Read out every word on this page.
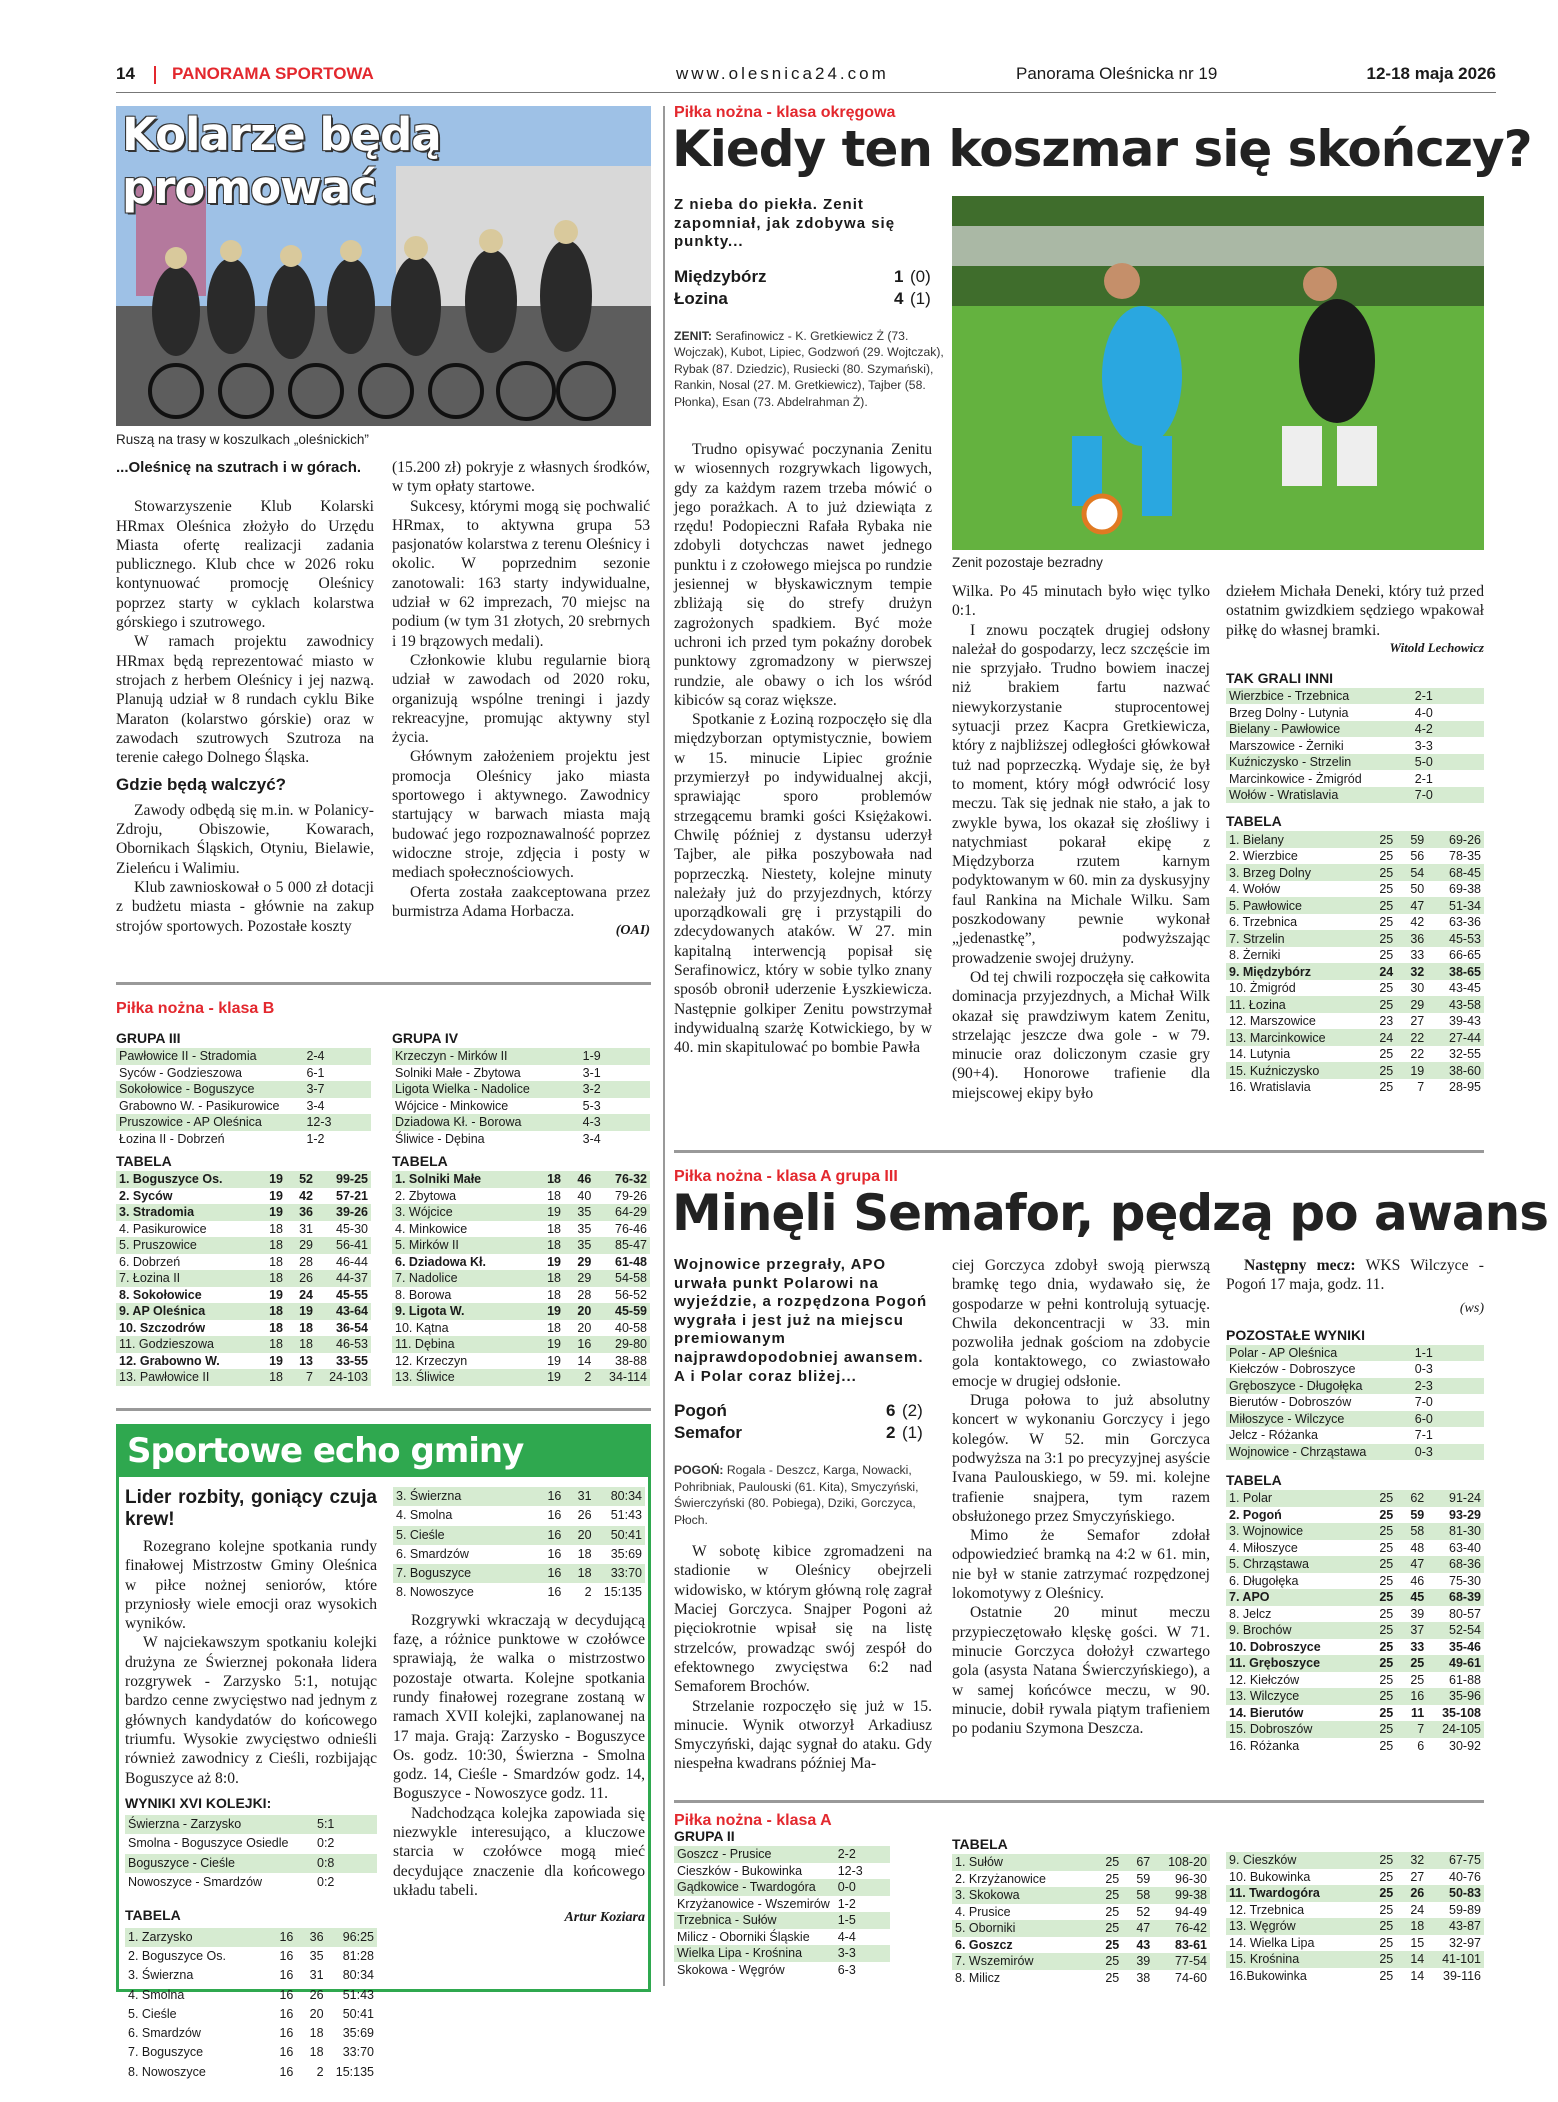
14 PANORAMA SPORTOWA	www.olesnica24.com	Panorama Oleśnicka nr 19	12-18 maja 2026
Kolarze będą promować
Ruszą na trasy w koszulkach „oleśnickich”
...Oleśnicę na szutrach i w górach.

Stowarzyszenie Klub Kolarski HRmax Oleśnica złożyło do Urzędu Miasta ofertę realizacji zadania publicznego. Klub chce w 2026 roku kontynuować promocję Oleśnicy poprzez starty w cyklach kolarstwa górskiego i szutrowego.

W ramach projektu zawodnicy HRmax będą reprezentować miasto w strojach z herbem Oleśnicy i jej nazwą. Planują udział w 8 rundach cyklu Bike Maraton (kolarstwo górskie) oraz w zawodach szutrowych Szutroza na terenie całego Dolnego Śląska.

Gdzie będą walczyć?

Zawody odbędą się m.in. w Polanicy-Zdroju, Obiszowie, Kowarach, Obornikach Śląskich, Otyniu, Bielawie, Zieleńcu i Walimiu.

Klub zawnioskował o 5 000 zł dotacji z budżetu miasta - głównie na zakup strojów sportowych. Pozostałe koszty

(15.200 zł) pokryje z własnych środków, w tym opłaty startowe.

Sukcesy, którymi mogą się pochwalić HRmax, to aktywna grupa 53 pasjonatów kolarstwa z terenu Oleśnicy i okolic. W poprzednim sezonie zanotowali: 163 starty indywidualne, udział w 62 imprezach, 70 miejsc na podium (w tym 31 złotych, 20 srebrnych i 19 brązowych medali).

Członkowie klubu regularnie biorą udział w zawodach od 2020 roku, organizują wspólne treningi i jazdy rekreacyjne, promując aktywny styl życia.

Głównym założeniem projektu jest promocja Oleśnicy jako miasta sportowego i aktywnego. Zawodnicy startujący w barwach miasta mają budować jego rozpoznawalność poprzez widoczne stroje, zdjęcia i posty w mediach społecznościowych.

Oferta została zaakceptowana przez burmistrza Adama Horbacza.

(OAI)
Piłka nożna - klasa B
GRUPA III
Pawłowice II - Stradomia	2-4
Syców - Godzieszowa	6-1
Sokołowice - Boguszyce	3-7
Grabowno W. - Pasikurowice	3-4
Pruszowice - AP Oleśnica	12-3
Łozina II - Dobrzeń	1-2
TABELA
1. Boguszyce Os.	19	52	99-25
2. Syców	19	42	57-21
3. Stradomia	19	36	39-26
4. Pasikurowice	18	31	45-30
5. Pruszowice	18	29	56-41
6. Dobrzeń	18	28	46-44
7. Łozina II	18	26	44-37
8. Sokołowice	19	24	45-55
9. AP Oleśnica	18	19	43-64
10. Szczodrów	18	18	36-54
11. Godzieszowa	18	18	46-53
12. Grabowno W.	19	13	33-55
13. Pawłowice II	18	7	24-103
GRUPA IV
Krzeczyn - Mirków II	1-9
Solniki Małe - Zbytowa	3-1
Ligota Wielka - Nadolice	3-2
Wójcice - Minkowice	5-3
Dziadowa Kł. - Borowa	4-3
Śliwice - Dębina	3-4
TABELA
1. Solniki Małe	18	46	76-32
2. Zbytowa	18	40	79-26
3. Wójcice	19	35	64-29
4. Minkowice	18	35	76-46
5. Mirków II	18	35	85-47
6. Dziadowa Kł.	19	29	61-48
7. Nadolice	18	29	54-58
8. Borowa	18	28	56-52
9. Ligota W.	19	20	45-59
10. Kątna	18	20	40-58
11. Dębina	19	16	29-80
12. Krzeczyn	19	14	38-88
13. Śliwice	19	2	34-114
Sportowe echo gminy
Lider rozbity, goniący czuja krew!

Rozegrano kolejne spotkania rundy finałowej Mistrzostw Gminy Oleśnica w piłce nożnej seniorów, które przyniosły wiele emocji oraz wysokich wyników.

W najciekawszym spotkaniu kolejki drużyna ze Świerznej pokonała lidera rozgrywek - Zarzysko 5:1, notując bardzo cenne zwycięstwo nad jednym z głównych kandydatów do końcowego triumfu. Wysokie zwycięstwo odnieśli również zawodnicy z Cieśli, rozbijając Boguszyce aż 8:0.

WYNIKI XVI KOLEJKI:
Świerzna - Zarzysko	5:1
Smolna - Boguszyce Osiedle	0:2
Boguszyce - Cieśle	0:8
Nowoszyce - Smardzów	0:2
TABELA
1. Zarzysko	16	36	96:25
2. Boguszyce Os.	16	35	81:28
3. Świerzna	16	31	80:34
4. Smolna	16	26	51:43
5. Cieśle	16	20	50:41
6. Smardzów	16	18	35:69
7. Boguszyce	16	18	33:70
8. Nowoszyce	16	2	15:135
3. Świerzna	16	31	80:34
4. Smolna	16	26	51:43
5. Cieśle	16	20	50:41
6. Smardzów	16	18	35:69
7. Boguszyce	16	18	33:70
8. Nowoszyce	16	2	15:135

Rozgrywki wkraczają w decydującą fazę, a różnice punktowe w czołówce sprawiają, że walka o mistrzostwo pozostaje otwarta. Kolejne spotkania rundy finałowej rozegrane zostaną w ramach XVII kolejki, zaplanowanej na 17 maja. Grają: Zarzysko - Boguszyce Os. godz. 10:30, Świerzna - Smolna godz. 14, Cieśle - Smardzów godz. 14, Boguszyce - Nowoszyce godz. 11.

Nadchodząca kolejka zapowiada się niezwykle interesująco, a kluczowe starcia w czołówce mogą mieć decydujące znaczenie dla końcowego układu tabeli.

Artur Koziara
Piłka nożna - klasa okręgowa
Kiedy ten koszmar się skończy?
Z nieba do piekła. Zenit zapomniał, jak zdobywa się punkty...
Międzybórz	1 (0)
Łozina	4 (1)
ZENIT: Serafinowicz - K. Gretkiewicz Ż (73. Wojczak), Kubot, Lipiec, Godzwoń (29. Wojtczak), Rybak (87. Dziedzic), Rusiecki (80. Szymański), Rankin, Nosal (27. M. Gretkiewicz), Tajber (58. Płonka), Esan (73. Abdelrahman Ż).
Zenit pozostaje bezradny

Trudno opisywać poczynania Zenitu w wiosennych rozgrywkach ligowych, gdy za każdym razem trzeba mówić o jego porażkach. A to już dziewiąta z rzędu! Podopieczni Rafała Rybaka nie zdobyli dotychczas nawet jednego punktu i z czołowego miejsca po rundzie jesiennej w błyskawicznym tempie zbliżają się do strefy drużyn zagrożonych spadkiem. Być może uchroni ich przed tym pokaźny dorobek punktowy zgromadzony w pierwszej rundzie, ale obawy o ich los wśród kibiców są coraz większe.

Spotkanie z Łoziną rozpoczęło się dla międzyborzan optymistycznie, bowiem w 15. minucie Lipiec groźnie przymierzył po indywidualnej akcji, sprawiając sporo problemów strzegącemu bramki gości Księżakowi. Chwilę później z dystansu uderzył Tajber, ale piłka poszybowała nad poprzeczką. Niestety, kolejne minuty należały już do przyjezdnych, którzy uporządkowali grę i przystąpili do zdecydowanych ataków. W 27. min kapitalną interwencją popisał się Serafinowicz, który w sobie tylko znany sposób obronił uderzenie Łyszkiewicza. Następnie golkiper Zenitu powstrzymał indywidualną szarżę Kotwickiego, by w 40. min skapitulować po bombie Pawła

Wilka. Po 45 minutach było więc tylko 0:1.

I znowu początek drugiej odsłony należał do gospodarzy, lecz szczęście im nie sprzyjało. Trudno bowiem inaczej niż brakiem fartu nazwać niewykorzystanie stuprocentowej sytuacji przez Kacpra Gretkiewicza, który z najbliższej odległości główkował tuż nad poprzeczką. Wydaje się, że był to moment, który mógł odwrócić losy meczu. Tak się jednak nie stało, a jak to zwykle bywa, los okazał się złośliwy i natychmiast pokarał ekipę z Międzyborza rzutem karnym podyktowanym w 60. min za dyskusyjny faul Rankina na Michale Wilku. Sam poszkodowany pewnie wykonał „jedenastkę”, podwyższając prowadzenie swojej drużyny.

Od tej chwili rozpoczęła się całkowita dominacja przyjezdnych, a Michał Wilk okazał się prawdziwym katem Zenitu, strzelając jeszcze dwa gole - w 79. minucie oraz doliczonym czasie gry (90+4). Honorowe trafienie dla miejscowej ekipy było

dziełem Michała Deneki, który tuż przed ostatnim gwizdkiem sędziego wpakował piłkę do własnej bramki.
Witold Lechowicz
TAK GRALI INNI
Wierzbice - Trzebnica	2-1
Brzeg Dolny - Lutynia	4-0
Bielany - Pawłowice	4-2
Marszowice - Żerniki	3-3
Kuźniczysko - Strzelin	5-0
Marcinkowice - Żmigród	2-1
Wołów - Wratislavia	7-0
TABELA
1. Bielany	25	59	69-26
2. Wierzbice	25	56	78-35
3. Brzeg Dolny	25	54	68-45
4. Wołów	25	50	69-38
5. Pawłowice	25	47	51-34
6. Trzebnica	25	42	63-36
7. Strzelin	25	36	45-53
8. Żerniki	25	33	66-65
9. Międzybórz	24	32	38-65
10. Żmigród	25	30	43-45
11. Łozina	25	29	43-58
12. Marszowice	23	27	39-43
13. Marcinkowice	24	22	27-44
14. Lutynia	25	22	32-55
15. Kuźniczysko	25	19	38-60
16. Wratislavia	25	7	28-95
Piłka nożna - klasa A grupa III
Minęli Semafor, pędzą po awans
Wojnowice przegrały, APO urwała punkt Polarowi na wyjeździe, a rozpędzona Pogoń wygrała i jest już na miejscu premiowanym najprawdopodobniej awansem. A i Polar coraz bliżej...
Pogoń	6 (2)
Semafor	2 (1)
POGOŃ: Rogala - Deszcz, Karga, Nowacki, Pohribniak, Paulouski (61. Kita), Smyczyński, Świerczyński (80. Pobiega), Dziki, Gorczyca, Płoch.

W sobotę kibice zgromadzeni na stadionie w Oleśnicy obejrzeli widowisko, w którym główną rolę zagrał Maciej Gorczyca. Snajper Pogoni aż pięciokrotnie wpisał się na listę strzelców, prowadząc swój zespół do efektownego zwycięstwa 6:2 nad Semaforem Brochów.

Strzelanie rozpoczęło się już w 15. minucie. Wynik otworzył Arkadiusz Smyczyński, dając sygnał do ataku. Gdy niespełna kwadrans później Ma-

ciej Gorczyca zdobył swoją pierwszą bramkę tego dnia, wydawało się, że gospodarze w pełni kontrolują sytuację. Chwila dekoncentracji w 33. min pozwoliła jednak gościom na zdobycie gola kontaktowego, co zwiastowało emocje w drugiej odsłonie.

Druga połowa to już absolutny koncert w wykonaniu Gorczycy i jego kolegów. W 52. min Gorczyca podwyższa na 3:1 po precyzyjnej asyście Ivana Paulouskiego, w 59. mi. kolejne trafienie snajpera, tym razem obsłużonego przez Smyczyńskiego.

Mimo że Semafor zdołał odpowiedzieć bramką na 4:2 w 61. min, nie był w stanie zatrzymać rozpędzonej lokomotywy z Oleśnicy.

Ostatnie 20 minut meczu przypieczętowało klęskę gości. W 71. minucie Gorczyca dołożył czwartego gola (asysta Natana Świerczyńskiego), a w samej końcówce meczu, w 90. minucie, dobił rywala piątym trafieniem po podaniu Szymona Deszcza.

Następny mecz: WKS Wilczyce - Pogoń 17 maja, godz. 11.
(ws)
POZOSTAŁE WYNIKI
Polar - AP Oleśnica	1-1
Kiełczów - Dobroszyce	0-3
Gręboszyce - Długołęka	2-3
Bierutów - Dobroszów	7-0
Miłoszyce - Wilczyce	6-0
Jelcz - Różanka	7-1
Wojnowice - Chrząstawa	0-3
TABELA
1. Polar	25	62	91-24
2. Pogoń	25	59	93-29
3. Wojnowice	25	58	81-30
4. Miłoszyce	25	48	63-40
5. Chrząstawa	25	47	68-36
6. Długołęka	25	46	75-30
7. APO	25	45	68-39
8. Jelcz	25	39	80-57
9. Brochów	25	37	52-54
10. Dobroszyce	25	33	35-46
11. Gręboszyce	25	25	49-61
12. Kiełczów	25	25	61-88
13. Wilczyce	25	16	35-96
14. Bierutów	25	11	35-108
15. Dobroszów	25	7	24-105
16. Różanka	25	6	30-92
Piłka nożna - klasa A
GRUPA II
Goszcz - Prusice	2-2
Cieszków - Bukowinka	12-3
Gądkowice - Twardogóra	0-0
Krzyżanowice - Wszemirów	1-2
Trzebnica - Sułów	1-5
Milicz - Oborniki Śląskie	4-4
Wielka Lipa - Krośnina	3-3
Skokowa - Węgrów	6-3
TABELA
1. Sułów	25	67	108-20
2. Krzyżanowice	25	59	96-30
3. Skokowa	25	58	99-38
4. Prusice	25	52	94-49
5. Oborniki	25	47	76-42
6. Goszcz	25	43	83-61
7. Wszemirów	25	39	77-54
8. Milicz	25	38	74-60
9. Cieszków	25	32	67-75
10. Bukowinka	25	27	40-76
11. Twardogóra	25	26	50-83
12. Trzebnica	25	24	59-89
13. Węgrów	25	18	43-87
14. Wielka Lipa	25	15	32-97
15. Krośnina	25	14	41-101
16.Bukowinka	25	14	39-116
